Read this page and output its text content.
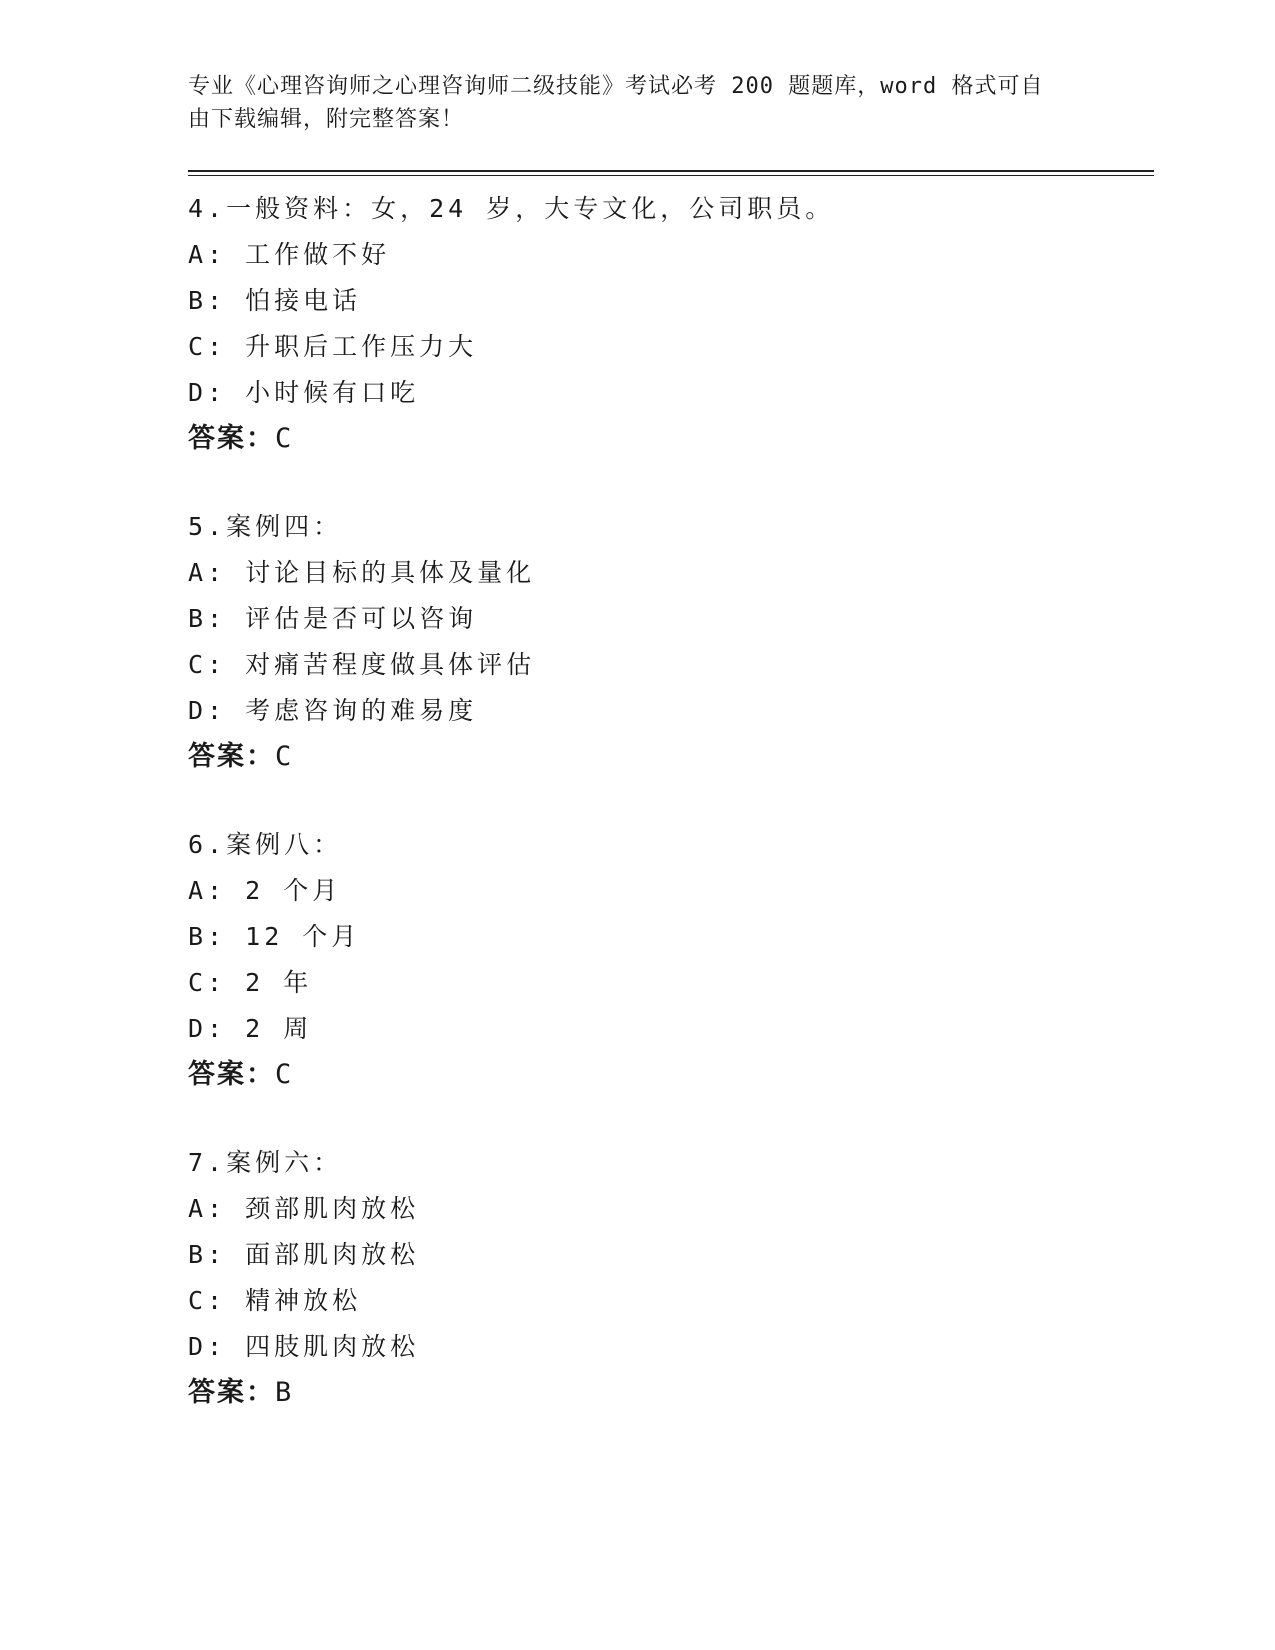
专业《心理咨询师之心理咨询师二级技能》考试必考 200 题题库，word 格式可自
由下载编辑，附完整答案！

4.一般资料：女，24 岁，大专文化，公司职员。
A: 工作做不好
B: 怕接电话
C: 升职后工作压力大
D: 小时候有口吃
答案：C
5.案例四：
A: 讨论目标的具体及量化
B: 评估是否可以咨询
C: 对痛苦程度做具体评估
D: 考虑咨询的难易度
答案：C
6.案例八：
A: 2 个月
B: 12 个月
C: 2 年
D: 2 周
答案：C
7.案例六：
A: 颈部肌肉放松
B: 面部肌肉放松
C: 精神放松
D: 四肢肌肉放松
答案：B
